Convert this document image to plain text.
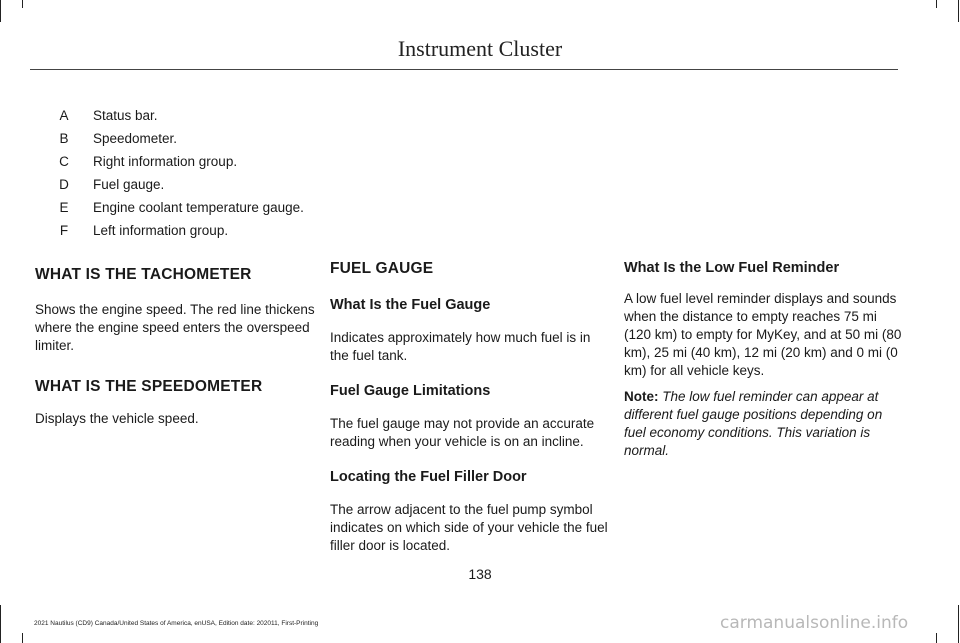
Instrument Cluster
A Status bar.
B Speedometer.
C Right information group.
D Fuel gauge.
E Engine coolant temperature gauge.
F Left information group.

WHAT IS THE TACHOMETER

Shows the engine speed. The red line thickens where the engine speed enters the overspeed limiter.

WHAT IS THE SPEEDOMETER

Displays the vehicle speed.

FUEL GAUGE

What Is the Fuel Gauge

Indicates approximately how much fuel is in the fuel tank.

Fuel Gauge Limitations

The fuel gauge may not provide an accurate reading when your vehicle is on an incline.

Locating the Fuel Filler Door

The arrow adjacent to the fuel pump symbol indicates on which side of your vehicle the fuel filler door is located.

What Is the Low Fuel Reminder

A low fuel level reminder displays and sounds when the distance to empty reaches 75 mi (120 km) to empty for MyKey, and at 50 mi (80 km), 25 mi (40 km), 12 mi (20 km) and 0 mi (0 km) for all vehicle keys.

Note: The low fuel reminder can appear at different fuel gauge positions depending on fuel economy conditions. This variation is normal.

138
2021 Nautilus (CD9) Canada/United States of America, enUSA, Edition date: 202011, First-Printing	carmanualsonline.info
